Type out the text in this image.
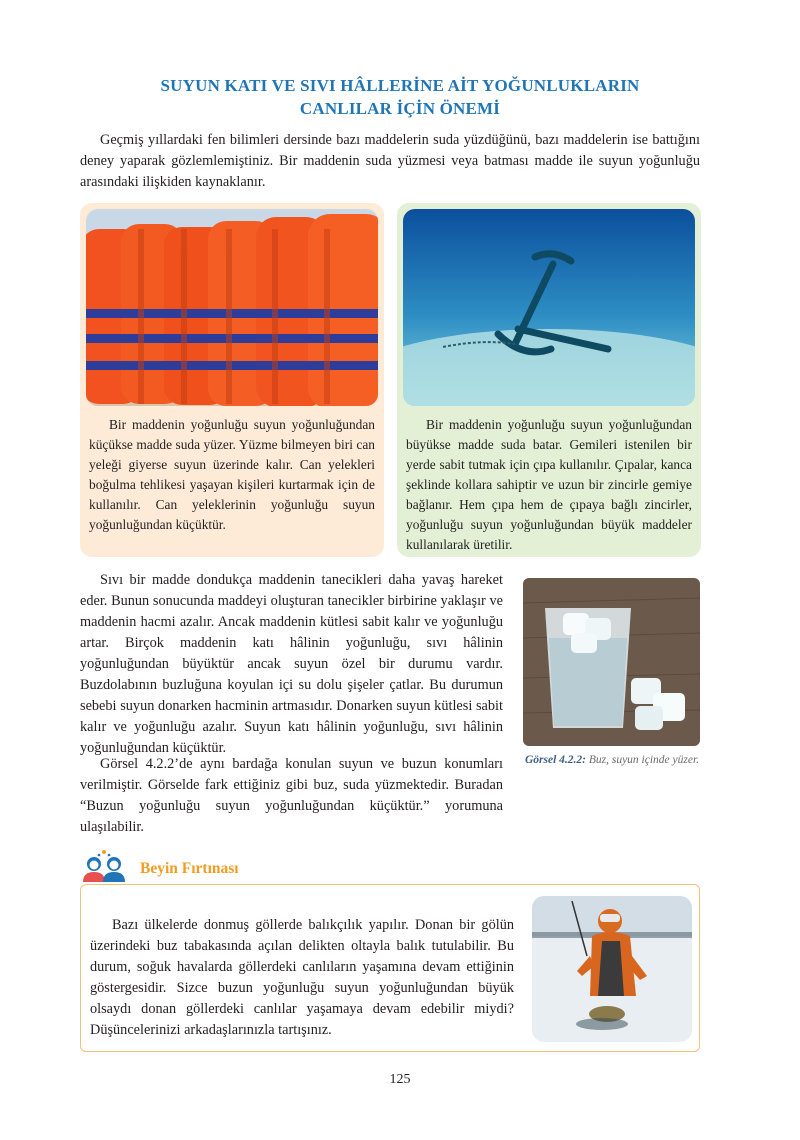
SUYUN KATI VE SIVI HÂLLERİNE AİT YOĞUNLUKLARIN
CANLILAR İÇİN ÖNEMİ

Geçmiş yıllardaki fen bilimleri dersinde bazı maddelerin suda yüzdüğünü, bazı maddelerin ise battığını deney yaparak gözlemlemiştiniz. Bir maddenin suda yüzmesi veya batması madde ile suyun yoğunluğu arasındaki ilişkiden kaynaklanır.

Bir maddenin yoğunluğu suyun yoğunluğundan küçükse madde suda yüzer. Yüzme bilmeyen biri can yeleği giyerse suyun üzerinde kalır. Can yelekleri boğulma tehlikesi yaşayan kişileri kurtarmak için de kullanılır. Can yeleklerinin yoğunluğu suyun yoğunluğundan küçüktür.

Bir maddenin yoğunluğu suyun yoğunluğundan büyükse madde suda batar. Gemileri istenilen bir yerde sabit tutmak için çıpa kullanılır. Çıpalar, kanca şeklinde kollara sahiptir ve uzun bir zincirle gemiye bağlanır. Hem çıpa hem de çıpaya bağlı zincirler, yoğunluğu suyun yoğunluğundan büyük maddeler kullanılarak üretilir.

Sıvı bir madde dondukça maddenin tanecikleri daha yavaş hareket eder. Bunun sonucunda maddeyi oluşturan tanecikler birbirine yaklaşır ve maddenin hacmi azalır. Ancak maddenin kütlesi sabit kalır ve yoğunluğu artar. Birçok maddenin katı hâlinin yoğunluğu, sıvı hâlinin yoğunluğundan büyüktür ancak suyun özel bir durumu vardır. Buzdolabının buzluğuna koyulan içi su dolu şişeler çatlar. Bu durumun sebebi suyun donarken hacminin artmasıdır. Donarken suyun kütlesi sabit kalır ve yoğunluğu azalır. Suyun katı hâlinin yoğunluğu, sıvı hâlinin yoğunluğundan küçüktür.

Görsel 4.2.2’de aynı bardağa konulan suyun ve buzun konumları verilmiştir. Görselde fark ettiğiniz gibi buz, suda yüzmektedir. Buradan “Buzun yoğunluğu suyun yoğunluğundan küçüktür.” yorumuna ulaşılabilir.

Görsel 4.2.2: Buz, suyun içinde yüzer.
Beyin Fırtınası

Bazı ülkelerde donmuş göllerde balıkçılık yapılır. Donan bir gölün üzerindeki buz tabakasında açılan delikten oltayla balık tutulabilir. Bu durum, soğuk havalarda göllerdeki canlıların yaşamına devam ettiğinin göstergesidir. Sizce buzun yoğunluğu suyun yoğunluğundan büyük olsaydı donan göllerdeki canlılar yaşamaya devam edebilir miydi? Düşüncelerinizi arkadaşlarınızla tartışınız.

125
